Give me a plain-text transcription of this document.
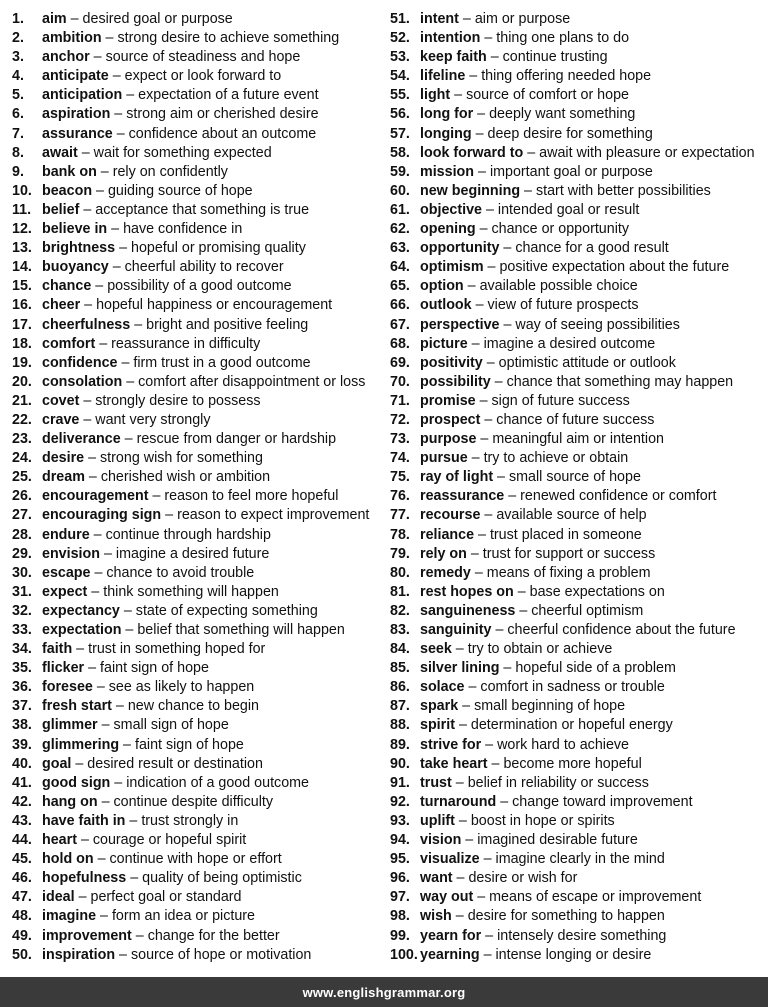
1.	aim – desired goal or purpose
2.	ambition – strong desire to achieve something
3.	anchor – source of steadiness and hope
4.	anticipate – expect or look forward to
5.	anticipation – expectation of a future event
6.	aspiration – strong aim or cherished desire
7.	assurance – confidence about an outcome
8.	await – wait for something expected
9.	bank on – rely on confidently
10. beacon – guiding source of hope
11. belief – acceptance that something is true
12. believe in – have confidence in
13. brightness – hopeful or promising quality
14. buoyancy – cheerful ability to recover
15. chance – possibility of a good outcome
16. cheer – hopeful happiness or encouragement
17. cheerfulness – bright and positive feeling
18. comfort – reassurance in difficulty
19. confidence – firm trust in a good outcome
20. consolation – comfort after disappointment or loss
21. covet – strongly desire to possess
22. crave – want very strongly
23. deliverance – rescue from danger or hardship
24. desire – strong wish for something
25. dream – cherished wish or ambition
26. encouragement – reason to feel more hopeful
27. encouraging sign – reason to expect improvement
28. endure – continue through hardship
29. envision – imagine a desired future
30. escape – chance to avoid trouble
31. expect – think something will happen
32. expectancy – state of expecting something
33. expectation – belief that something will happen
34. faith – trust in something hoped for
35. flicker – faint sign of hope
36. foresee – see as likely to happen
37. fresh start – new chance to begin
38. glimmer – small sign of hope
39. glimmering – faint sign of hope
40. goal – desired result or destination
41. good sign – indication of a good outcome
42. hang on – continue despite difficulty
43. have faith in – trust strongly in
44. heart – courage or hopeful spirit
45. hold on – continue with hope or effort
46. hopefulness – quality of being optimistic
47. ideal – perfect goal or standard
48. imagine – form an idea or picture
49. improvement – change for the better
50. inspiration – source of hope or motivation
51. intent – aim or purpose
52. intention – thing one plans to do
53. keep faith – continue trusting
54. lifeline – thing offering needed hope
55. light – source of comfort or hope
56. long for – deeply want something
57. longing – deep desire for something
58. look forward to – await with pleasure or expectation
59. mission – important goal or purpose
60. new beginning – start with better possibilities
61. objective – intended goal or result
62. opening – chance or opportunity
63. opportunity – chance for a good result
64. optimism – positive expectation about the future
65. option – available possible choice
66. outlook – view of future prospects
67. perspective – way of seeing possibilities
68. picture – imagine a desired outcome
69. positivity – optimistic attitude or outlook
70. possibility – chance that something may happen
71. promise – sign of future success
72. prospect – chance of future success
73. purpose – meaningful aim or intention
74. pursue – try to achieve or obtain
75. ray of light – small source of hope
76. reassurance – renewed confidence or comfort
77. recourse – available source of help
78. reliance – trust placed in someone
79. rely on – trust for support or success
80. remedy – means of fixing a problem
81. rest hopes on – base expectations on
82. sanguineness – cheerful optimism
83. sanguinity – cheerful confidence about the future
84. seek – try to obtain or achieve
85. silver lining – hopeful side of a problem
86. solace – comfort in sadness or trouble
87. spark – small beginning of hope
88. spirit – determination or hopeful energy
89. strive for – work hard to achieve
90. take heart – become more hopeful
91. trust – belief in reliability or success
92. turnaround – change toward improvement
93. uplift – boost in hope or spirits
94. vision – imagined desirable future
95. visualize – imagine clearly in the mind
96. want – desire or wish for
97. way out – means of escape or improvement
98. wish – desire for something to happen
99. yearn for – intensely desire something
100. yearning – intense longing or desire
www.englishgrammar.org
